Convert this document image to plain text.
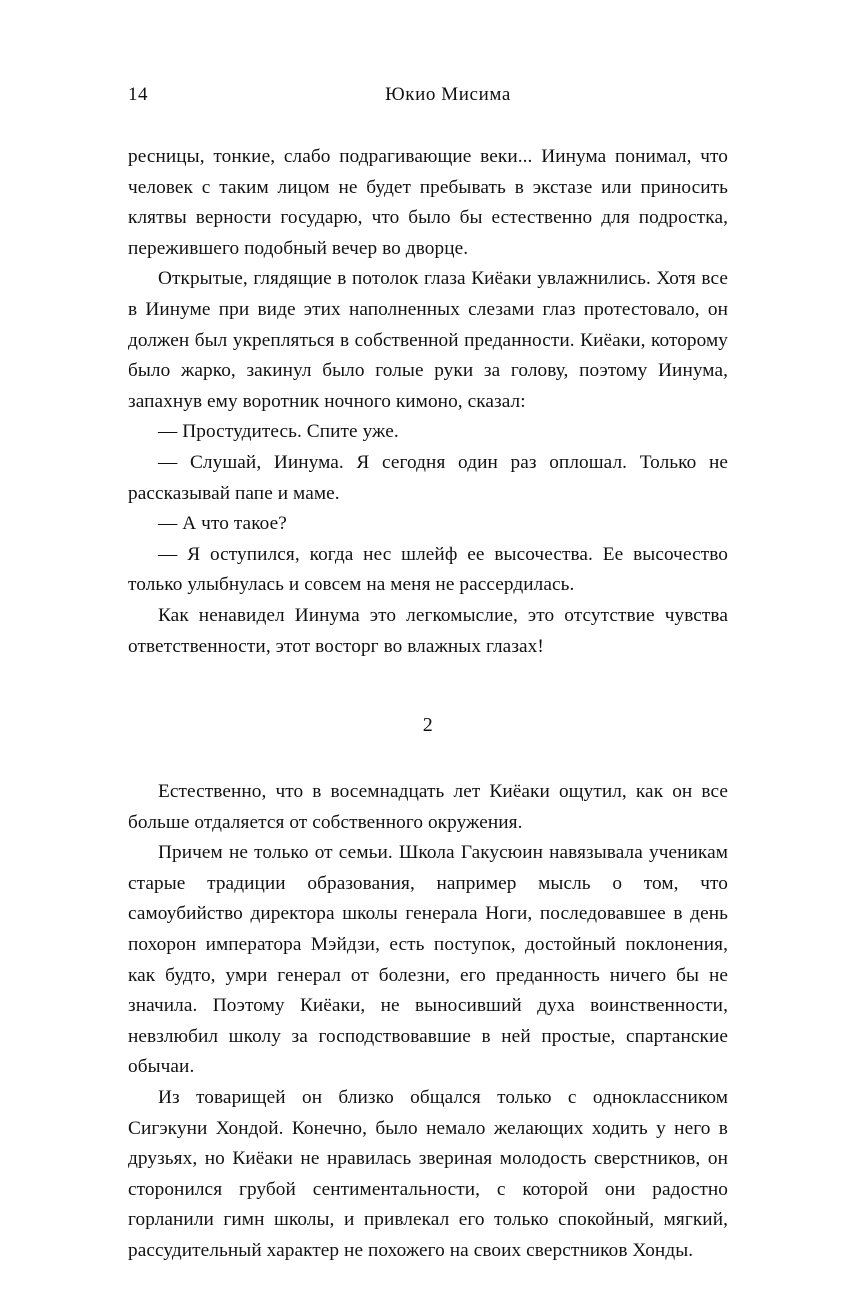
14	Юкио Мисима

ресницы, тонкие, слабо подрагивающие веки... Иинума понимал, что человек с таким лицом не будет пребывать в экстазе или приносить клятвы верности государю, что было бы естественно для подростка, пережившего подобный вечер во дворце.

Открытые, глядящие в потолок глаза Киёаки увлажнились. Хотя все в Иинуме при виде этих наполненных слезами глаз протестовало, он должен был укрепляться в собственной преданности. Киёаки, которому было жарко, закинул было голые руки за голову, поэтому Иинума, запахнув ему воротник ночного кимоно, сказал:

— Простудитесь. Спите уже.

— Слушай, Иинума. Я сегодня один раз оплошал. Только не рассказывай папе и маме.

— А что такое?

— Я оступился, когда нес шлейф ее высочества. Ее высочество только улыбнулась и совсем на меня не рассердилась.

Как ненавидел Иинума это легкомыслие, это отсутствие чувства ответственности, этот восторг во влажных глазах!

2

Естественно, что в восемнадцать лет Киёаки ощутил, как он все больше отдаляется от собственного окружения.

Причем не только от семьи. Школа Гакусюин навязывала ученикам старые традиции образования, например мысль о том, что самоубийство директора школы генерала Ноги, последовавшее в день похорон императора Мэйдзи, есть поступок, достойный поклонения, как будто, умри генерал от болезни, его преданность ничего бы не значила. Поэтому Киёаки, не выносивший духа воинственности, невзлюбил школу за господствовавшие в ней простые, спартанские обычаи.

Из товарищей он близко общался только с одноклассником Сигэкуни Хондой. Конечно, было немало желающих ходить у него в друзьях, но Киёаки не нравилась звериная молодость сверстников, он сторонился грубой сентиментальности, с которой они радостно горланили гимн школы, и привлекал его только спокойный, мягкий, рассудительный характер не похожего на своих сверстников Хонды.
